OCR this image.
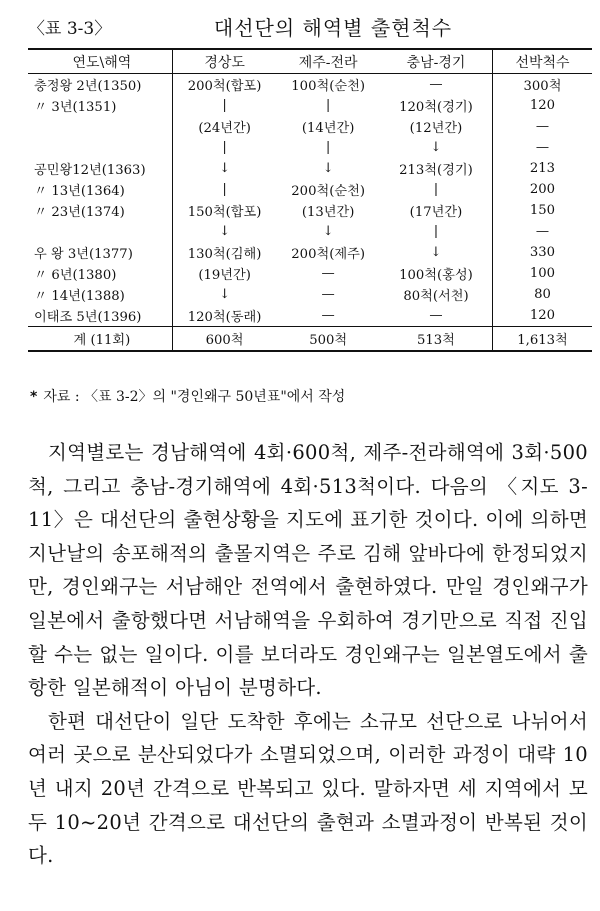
〈표 3-3〉	대선단의 해역별 출현척수
연도\해역	경상도	제주-전라	충남-경기	선박척수
충정왕 2년(1350)	200척(합포)	100척(순천)	—	300척
〃 3년(1351)	|	|	120척(경기)	120
	(24년간)	(14년간)	(12년간)	—
	|	|	↓	—
공민왕12년(1363)	↓	↓	213척(경기)	213
〃 13년(1364)	|	200척(순천)	|	200
〃 23년(1374)	150척(합포)	(13년간)	(17년간)	150
	↓	↓	|	—
우 왕 3년(1377)	130척(김해)	200척(제주)	↓	330
〃 6년(1380)	(19년간)	—	100척(홍성)	100
〃 14년(1388)	↓	—	80척(서천)	80
이태조 5년(1396)	120척(동래)	—	—	120
계 (11회)	600척	500척	513척	1,613척
* 자료 : 〈표 3-2〉의 "경인왜구 50년표"에서 작성

지역별로는 경남해역에 4회·600척, 제주-전라해역에 3회·500척, 그리고 충남-경기해역에 4회·513척이다. 다음의 〈지도 3-11〉은 대선단의 출현상황을 지도에 표기한 것이다. 이에 의하면 지난날의 송포해적의 출몰지역은 주로 김해 앞바다에 한정되었지만, 경인왜구는 서남해안 전역에서 출현하였다. 만일 경인왜구가 일본에서 출항했다면 서남해역을 우회하여 경기만으로 직접 진입할 수는 없는 일이다. 이를 보더라도 경인왜구는 일본열도에서 출항한 일본해적이 아님이 분명하다.

한편 대선단이 일단 도착한 후에는 소규모 선단으로 나뉘어서 여러 곳으로 분산되었다가 소멸되었으며, 이러한 과정이 대략 10년 내지 20년 간격으로 반복되고 있다. 말하자면 세 지역에서 모두 10~20년 간격으로 대선단의 출현과 소멸과정이 반복된 것이다.
